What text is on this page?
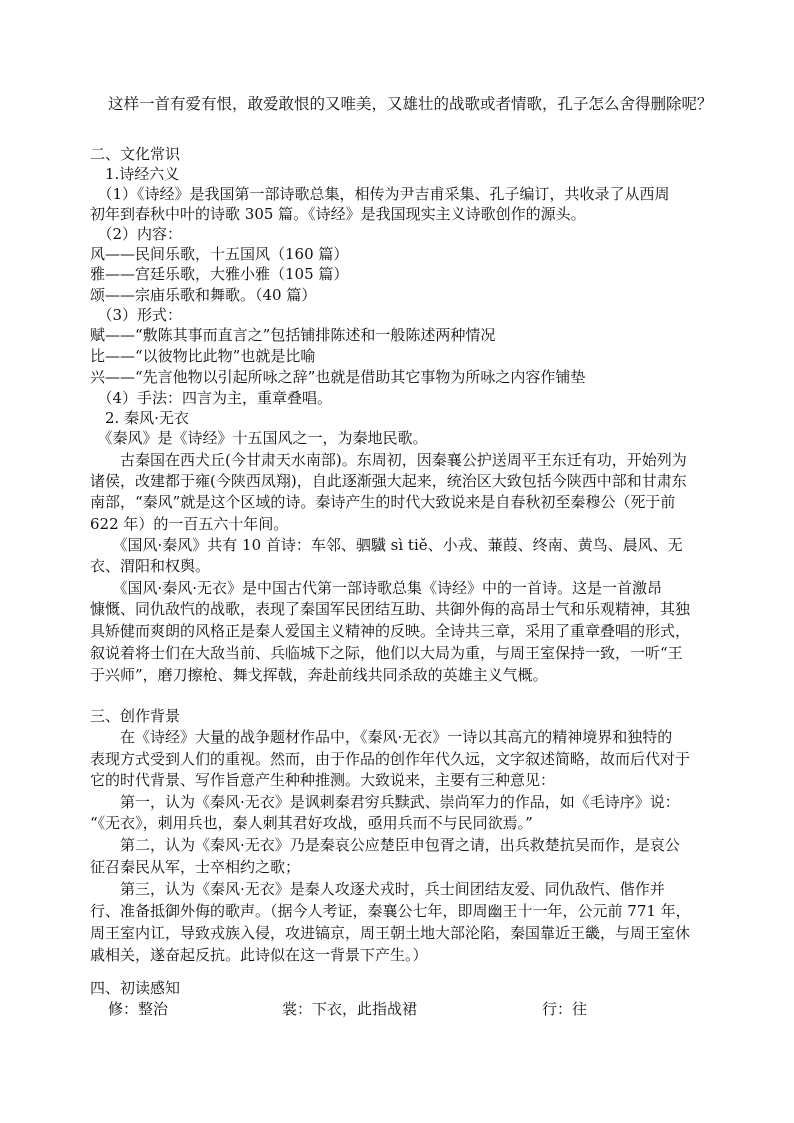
这样一首有爱有恨，敢爱敢恨的又唯美，又雄壮的战歌或者情歌，孔子怎么舍得删除呢？
二、文化常识
　1.诗经六义
　（1）《诗经》是我国第一部诗歌总集，相传为尹吉甫采集、孔子编订，共收录了从西周
初年到春秋中叶的诗歌 305 篇。《诗经》是我国现实主义诗歌创作的源头。
　（2）内容：
风——民间乐歌，十五国风（160 篇）
雅——宫廷乐歌，大雅小雅（105 篇）
颂——宗庙乐歌和舞歌。（40 篇）
　（3）形式：
赋——“敷陈其事而直言之”包括铺排陈述和一般陈述两种情况
比——“以彼物比此物”也就是比喻
兴——“先言他物以引起所咏之辞”也就是借助其它事物为所咏之内容作铺垫
　（4）手法：四言为主，重章叠唱。
　2. 秦风·无衣
　《秦风》是《诗经》十五国风之一，为秦地民歌。
　　古秦国在西犬丘(今甘肃天水南部)。东周初，因秦襄公护送周平王东迁有功，开始列为
诸侯，改建都于雍(今陕西凤翔)，自此逐渐强大起来，统治区大致包括今陕西中部和甘肃东
南部，“秦风”就是这个区域的诗。秦诗产生的时代大致说来是自春秋初至秦穆公（死于前
622 年）的一百五六十年间。
　　《国风·秦风》共有 10 首诗：车邻、驷驖 sì tiě、小戎、蒹葭、终南、黄鸟、晨风、无
衣、渭阳和权舆。
　　《国风·秦风·无衣》是中国古代第一部诗歌总集《诗经》中的一首诗。这是一首激昂
慷慨、同仇敌忾的战歌，表现了秦国军民团结互助、共御外侮的高昂士气和乐观精神，其独
具矫健而爽朗的风格正是秦人爱国主义精神的反映。全诗共三章，采用了重章叠唱的形式，
叙说着将士们在大敌当前、兵临城下之际，他们以大局为重，与周王室保持一致，一听“王
于兴师”，磨刀擦枪、舞戈挥戟，奔赴前线共同杀敌的英雄主义气概。
三、创作背景
　　在《诗经》大量的战争题材作品中，《秦风·无衣》一诗以其高亢的精神境界和独特的
表现方式受到人们的重视。然而，由于作品的创作年代久远，文字叙述简略，故而后代对于
它的时代背景、写作旨意产生种种推测。大致说来，主要有三种意见：
　　第一，认为《秦风·无衣》是讽刺秦君穷兵黩武、崇尚军力的作品，如《毛诗序》说：
“《无衣》，刺用兵也，秦人刺其君好攻战，亟用兵而不与民同欲焉。”
　　第二，认为《秦风·无衣》乃是秦哀公应楚臣申包胥之请，出兵救楚抗吴而作，是哀公
征召秦民从军，士卒相约之歌；
　　第三，认为《秦风·无衣》是秦人攻逐犬戎时，兵士间团结友爱、同仇敌忾、偕作并
行、准备抵御外侮的歌声。（据今人考证，秦襄公七年，即周幽王十一年，公元前 771 年，
周王室内讧，导致戎族入侵，攻进镐京，周王朝土地大部沦陷，秦国靠近王畿，与周王室休
戚相关，遂奋起反抗。此诗似在这一背景下产生。）
四、初读感知
修：整治	裳：下衣，此指战裙	行：往
